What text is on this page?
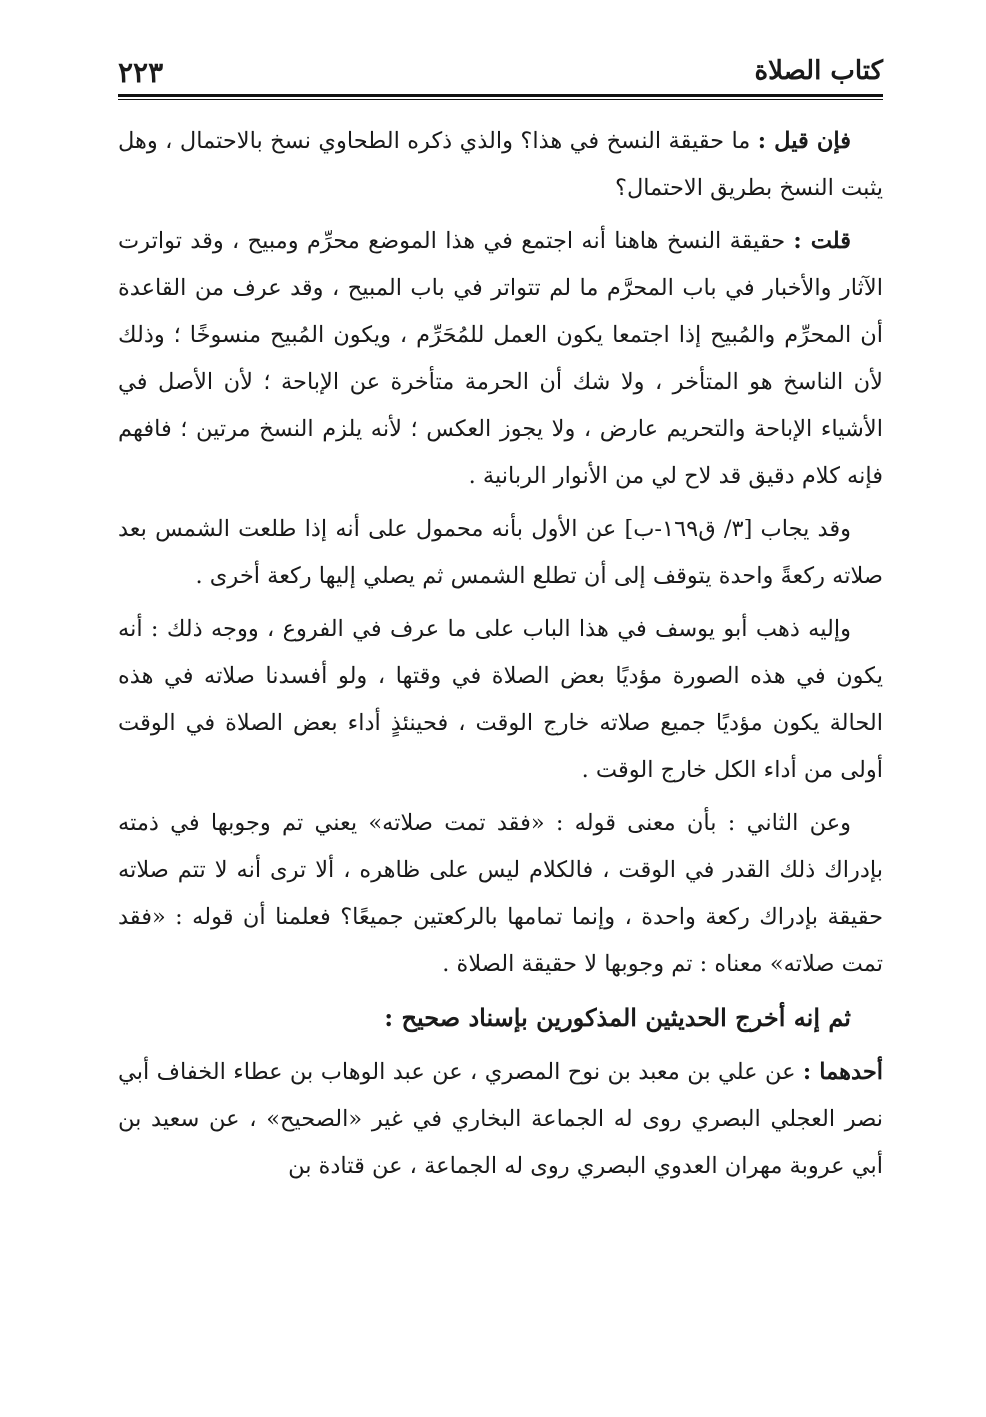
كتاب الصلاة
٢٢٣

فإن قيل : ما حقيقة النسخ في هذا؟ والذي ذكره الطحاوي نسخ بالاحتمال ، وهل يثبت النسخ بطريق الاحتمال؟

قلت : حقيقة النسخ هاهنا أنه اجتمع في هذا الموضع محرِّم ومبيح ، وقد تواترت الآثار والأخبار في باب المحرَّم ما لم تتواتر في باب المبيح ، وقد عرف من القاعدة أن المحرِّم والمُبيح إذا اجتمعا يكون العمل للمُحَرِّم ، ويكون المُبيح منسوخًا ؛ وذلك لأن الناسخ هو المتأخر ، ولا شك أن الحرمة متأخرة عن الإباحة ؛ لأن الأصل في الأشياء الإباحة والتحريم عارض ، ولا يجوز العكس ؛ لأنه يلزم النسخ مرتين ؛ فافهم فإنه كلام دقيق قد لاح لي من الأنوار الربانية .

وقد يجاب [٣/ ق١٦٩-ب] عن الأول بأنه محمول على أنه إذا طلعت الشمس بعد صلاته ركعةً واحدة يتوقف إلى أن تطلع الشمس ثم يصلي إليها ركعة أخرى .

وإليه ذهب أبو يوسف في هذا الباب على ما عرف في الفروع ، ووجه ذلك : أنه يكون في هذه الصورة مؤديًا بعض الصلاة في وقتها ، ولو أفسدنا صلاته في هذه الحالة يكون مؤديًا جميع صلاته خارج الوقت ، فحينئذٍ أداء بعض الصلاة في الوقت أولى من أداء الكل خارج الوقت .

وعن الثاني : بأن معنى قوله : «فقد تمت صلاته» يعني تم وجوبها في ذمته بإدراك ذلك القدر في الوقت ، فالكلام ليس على ظاهره ، ألا ترى أنه لا تتم صلاته حقيقة بإدراك ركعة واحدة ، وإنما تمامها بالركعتين جميعًا؟ فعلمنا أن قوله : «فقد تمت صلاته» معناه : تم وجوبها لا حقيقة الصلاة .

ثم إنه أخرج الحديثين المذكورين بإسناد صحيح :

أحدهما : عن علي بن معبد بن نوح المصري ، عن عبد الوهاب بن عطاء الخفاف أبي نصر العجلي البصري روى له الجماعة البخاري في غير «الصحيح» ، عن سعيد بن أبي عروبة مهران العدوي البصري روى له الجماعة ، عن قتادة بن
